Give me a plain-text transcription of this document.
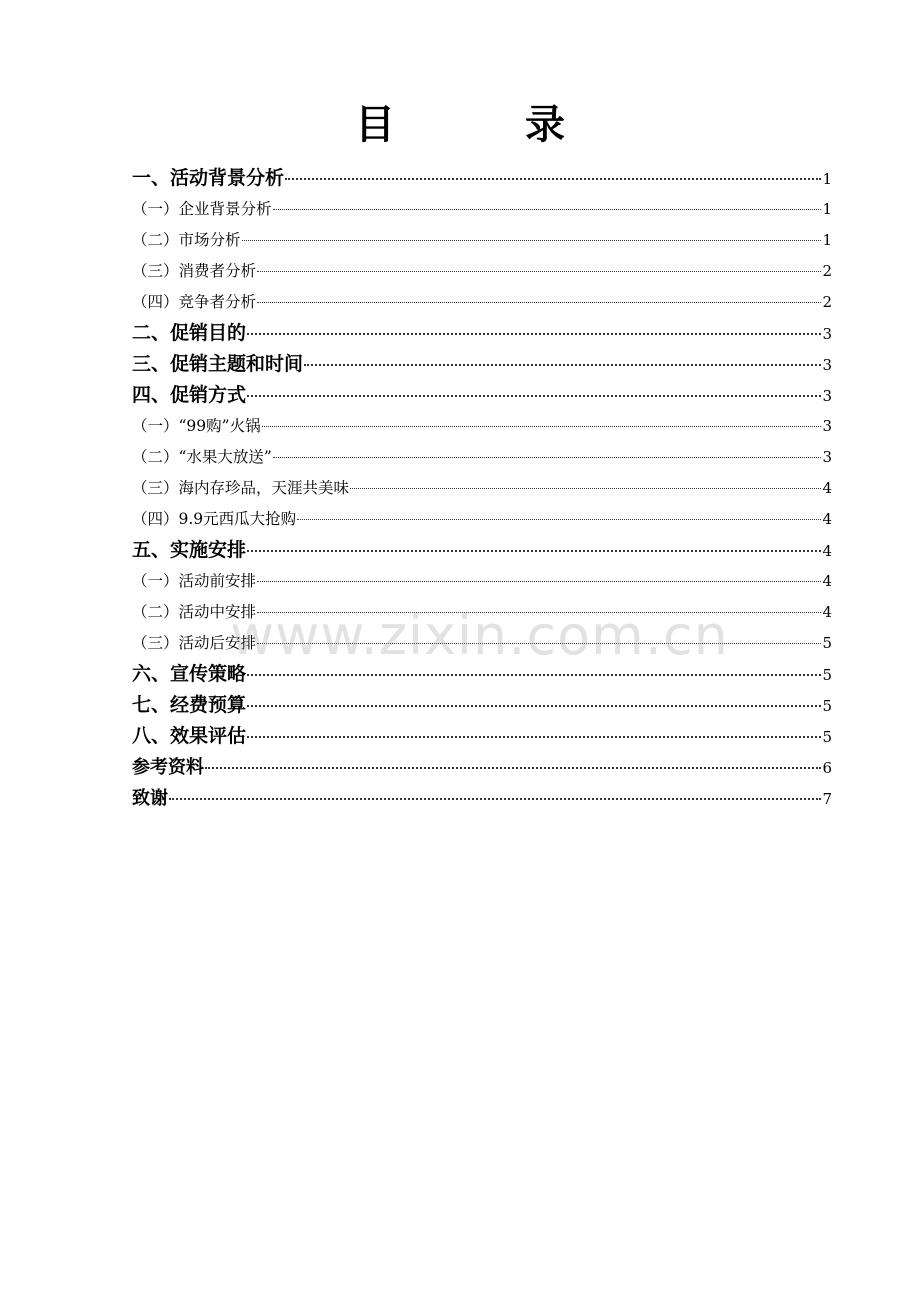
目 录
一、活动背景分析	1
（一）企业背景分析	1
（二）市场分析	1
（三）消费者分析	2
（四）竞争者分析	2
二、促销目的	3
三、促销主题和时间	3
四、促销方式	3
（一）“99购”火锅	3
（二）“水果大放送”	3
（三）海内存珍品，天涯共美味	4
（四）9.9元西瓜大抢购	4
五、实施安排	4
（一）活动前安排	4
（二）活动中安排	4
（三）活动后安排	5
六、宣传策略	5
七、经费预算	5
八、效果评估	5
参考资料	6
致谢	7
www.zixin.com.cn
